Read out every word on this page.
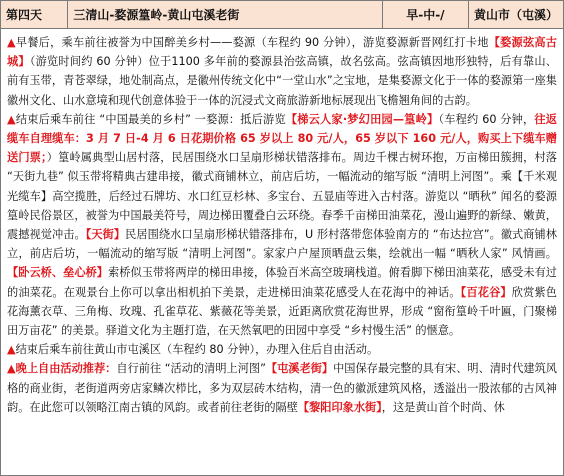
第四天	三清山-婺源篁岭-黄山屯溪老街	早-中-/	黄山市（屯溪）

▲早餐后，乘车前往被誉为中国醉美乡村——婺源（车程约 90 分钟），游览婺源新晋网红打卡地【婺源弦高古城】（游览时间约 60 分钟）位于1100 多年前的婺源县治弦高镇，故名弦高。弦高镇因地形独特，后有靠山、前有玉带，青苍翠绿，地处制高点，是徽州传统文化中“一堂山水”之宝地，是集婺源文化于一体的婺源第一座集徽州文化、山水意境和现代创意体验于一体的沉浸式文商旅游新地标展现出飞檐翘角间的古韵。

▲结束后乘车前往 “中国最美的乡村” 一婺源：抵后游览【梯云人家·梦幻田园—篁岭】（车程约 60 分钟，往返缆车自理缆车：3 月 7 日-4 月 6 日花期价格 65 岁以上 80 元/人，65 岁以下 160 元/人，购买上下缆车赠送门票；）篁岭属典型山居村落，民居围绕水口呈扇形梯状错落排布。周边千棵古树环抱，万亩梯田簇拥，村落 “天街九巷” 似玉带将精典古建串接，徽式商铺林立，前店后坊，一幅流动的缩写版 “清明上河图”。乘【千米观光缆车】高空揽胜，后经过石牌坊、水口红豆杉林、多宝台、五显庙等进入古村落。游览以 “晒秋” 闻名的婺源篁岭民俗景区，被誉为中国最美符号，周边梯田覆叠白云环绕。春季千亩梯田油菜花，漫山遍野的新绿、嫩黄，震撼视觉冲击。【天街】民居围绕水口呈扇形梯状错落排布，U 形村落带您体验南方的 “布达拉宫”。徽式商铺林立，前店后坊，一幅流动的缩写版 “清明上河图”。家家户户屋顶晒盘云集，绘就出一幅 “晒秋人家” 风情画。【卧云桥、垒心桥】索桥似玉带将两岸的梯田串接，体验百米高空玻璃栈道。俯看脚下梯田油菜花，感受未有过的油菜花。在观景台上你可以拿出相机拍下美景，走进梯田油菜花感受人在花海中的神话。【百花谷】欣赏紫色花海薰衣草、三角梅、玫瑰、孔雀草花、紫薇花等美景，近距离欣赏花海世界，形成 “窗衔篁岭千叶匾，门聚梯田万亩花” 的美景。驿道文化为主题打造，在天然氧吧的田园中享受 “乡村慢生活” 的惬意。

▲结束后乘车前往黄山市屯溪区（车程约 80 分钟），办理入住后自由活动。

▲晚上自由活动推荐：自行前往 “活动的清明上河图”【屯溪老街】中国保存最完整的具有宋、明、清时代建筑风格的商业街，老街道两旁店家鳞次栉比，多为双层砖木结构，清一色的徽派建筑风格，透溢出一股浓郁的古风神韵。在此您可以领略江南古镇的风韵。或者前往老街的隔壁【黎阳印象水街】，这是黄山首个时尚、休
